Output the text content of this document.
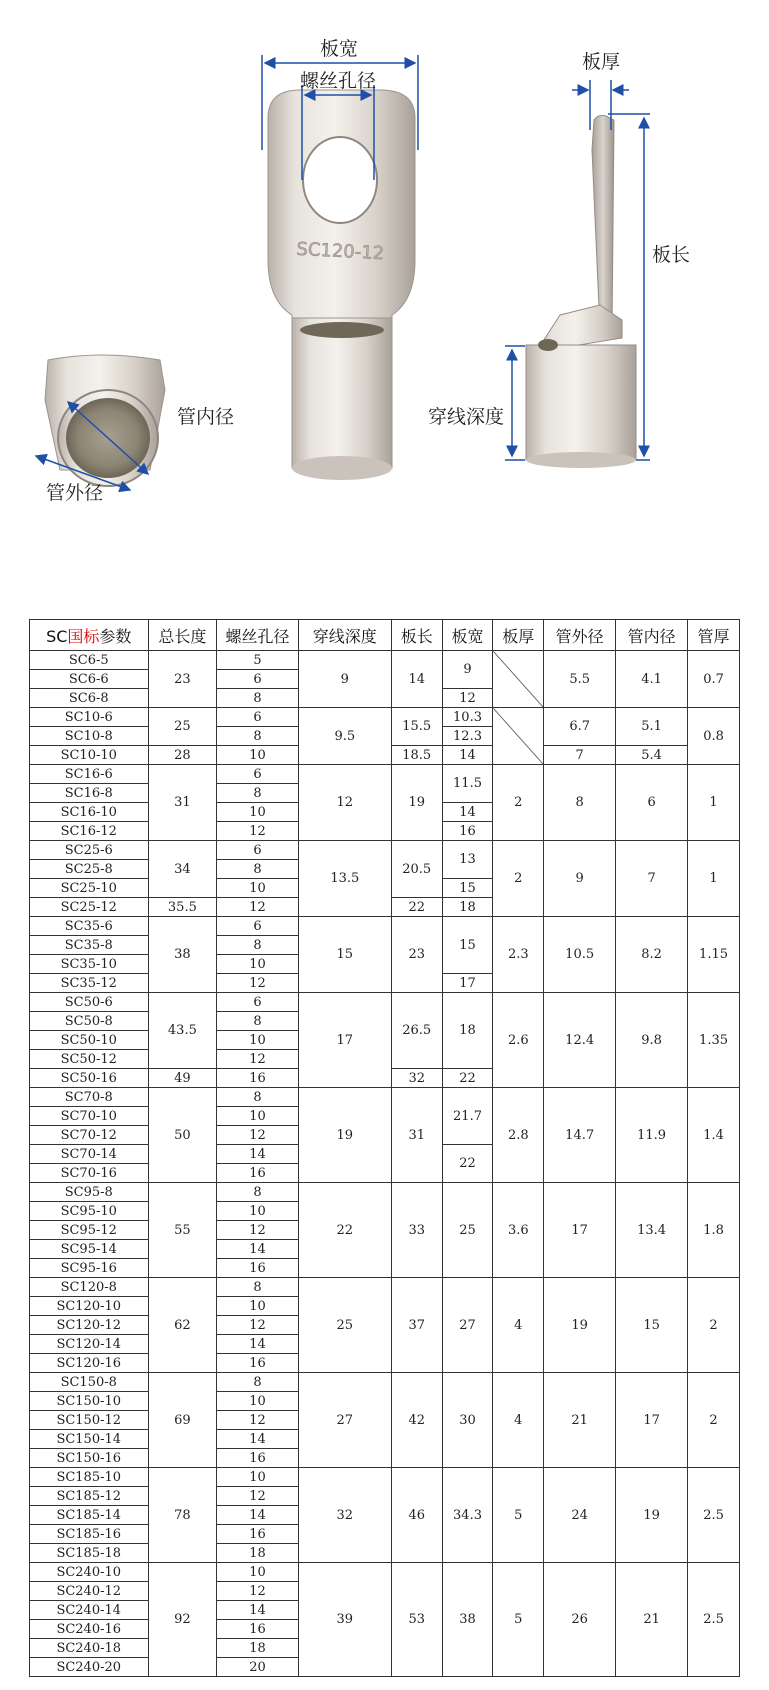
SC120-12
板宽
螺丝孔径
板厚
板长
管内径
管外径
穿线深度
SC国标参数	总长度	螺丝孔径	穿线深度	板长	板宽	板厚	管外径	管内径	管厚
SC6-5	23	5	9	14	9		5.5	4.1	0.7
SC6-6		6							
SC6-8		8			12				
SC10-6	25	6	9.5	15.5	10.3		6.7	5.1	0.8
SC10-8		8			12.3				
SC10-10	28	10		18.5	14		7	5.4	
SC16-6	31	6	12	19	11.5	2	8	6	1
SC16-8		8							
SC16-10		10			14				
SC16-12		12			16				
SC25-6	34	6	13.5	20.5	13	2	9	7	1
SC25-8		8							
SC25-10		10			15				
SC25-12	35.5	12		22	18				
SC35-6	38	6	15	23	15	2.3	10.5	8.2	1.15
SC35-8		8							
SC35-10		10							
SC35-12		12			17				
SC50-6	43.5	6	17	26.5	18	2.6	12.4	9.8	1.35
SC50-8		8							
SC50-10		10							
SC50-12		12							
SC50-16	49	16		32	22				
SC70-8	50	8	19	31	21.7	2.8	14.7	11.9	1.4
SC70-10		10							
SC70-12		12							
SC70-14		14			22				
SC70-16		16							
SC95-8	55	8	22	33	25	3.6	17	13.4	1.8
SC95-10		10							
SC95-12		12							
SC95-14		14							
SC95-16		16							
SC120-8	62	8	25	37	27	4	19	15	2
SC120-10		10							
SC120-12		12							
SC120-14		14							
SC120-16		16							
SC150-8	69	8	27	42	30	4	21	17	2
SC150-10		10							
SC150-12		12							
SC150-14		14							
SC150-16		16							
SC185-10	78	10	32	46	34.3	5	24	19	2.5
SC185-12		12							
SC185-14		14							
SC185-16		16							
SC185-18		18							
SC240-10	92	10	39	53	38	5	26	21	2.5
SC240-12		12							
SC240-14		14							
SC240-16		16							
SC240-18		18							
SC240-20		20							
